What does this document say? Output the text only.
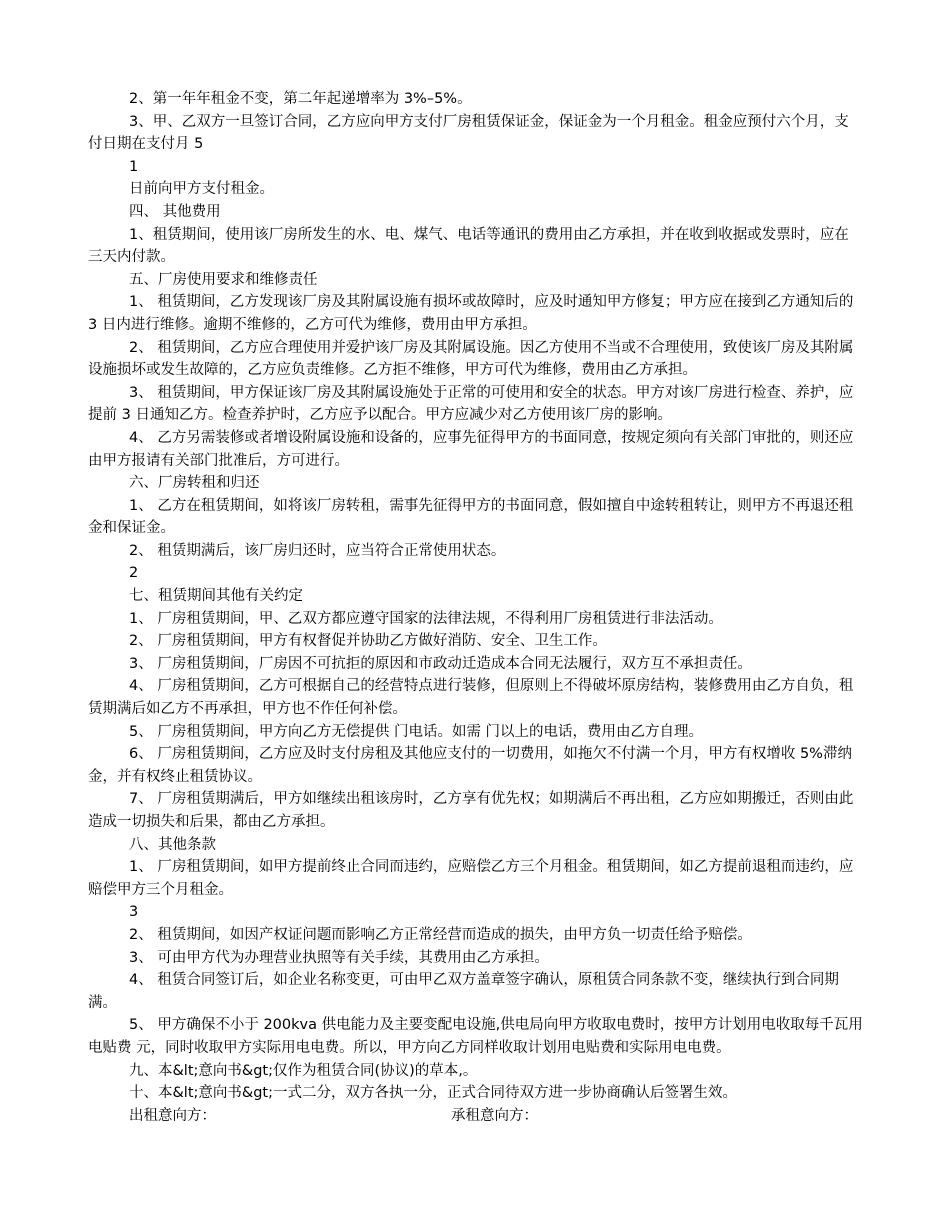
2、第一年年租金不变，第二年起递增率为 3%–5%。

3、甲、乙双方一旦签订合同，乙方应向甲方支付厂房租赁保证金，保证金为一个月租金。租金应预付六个月，支付日期在支付月 5

1

日前向甲方支付租金。

四、 其他费用

1、租赁期间，使用该厂房所发生的水、电、煤气、电话等通讯的费用由乙方承担，并在收到收据或发票时，应在三天内付款。

五、厂房使用要求和维修责任

1、 租赁期间，乙方发现该厂房及其附属设施有损坏或故障时，应及时通知甲方修复；甲方应在接到乙方通知后的 3 日内进行维修。逾期不维修的，乙方可代为维修，费用由甲方承担。

2、 租赁期间，乙方应合理使用并爱护该厂房及其附属设施。因乙方使用不当或不合理使用，致使该厂房及其附属设施损坏或发生故障的，乙方应负责维修。乙方拒不维修，甲方可代为维修，费用由乙方承担。

3、 租赁期间，甲方保证该厂房及其附属设施处于正常的可使用和安全的状态。甲方对该厂房进行检查、养护，应提前 3 日通知乙方。检查养护时，乙方应予以配合。甲方应减少对乙方使用该厂房的影响。

4、 乙方另需装修或者增设附属设施和设备的，应事先征得甲方的书面同意，按规定须向有关部门审批的，则还应由甲方报请有关部门批准后，方可进行。

六、厂房转租和归还

1、 乙方在租赁期间，如将该厂房转租，需事先征得甲方的书面同意，假如擅自中途转租转让，则甲方不再退还租金和保证金。

2、 租赁期满后，该厂房归还时，应当符合正常使用状态。

2

七、租赁期间其他有关约定

1、 厂房租赁期间，甲、乙双方都应遵守国家的法律法规，不得利用厂房租赁进行非法活动。

2、 厂房租赁期间，甲方有权督促并协助乙方做好消防、安全、卫生工作。

3、 厂房租赁期间，厂房因不可抗拒的原因和市政动迁造成本合同无法履行，双方互不承担责任。

4、 厂房租赁期间，乙方可根据自己的经营特点进行装修，但原则上不得破坏原房结构，装修费用由乙方自负，租赁期满后如乙方不再承担，甲方也不作任何补偿。

5、 厂房租赁期间，甲方向乙方无偿提供 门电话。如需 门以上的电话，费用由乙方自理。

6、 厂房租赁期间，乙方应及时支付房租及其他应支付的一切费用，如拖欠不付满一个月，甲方有权增收 5%滞纳金，并有权终止租赁协议。

7、 厂房租赁期满后，甲方如继续出租该房时，乙方享有优先权；如期满后不再出租，乙方应如期搬迁，否则由此造成一切损失和后果，都由乙方承担。

八、其他条款

1、 厂房租赁期间，如甲方提前终止合同而违约，应赔偿乙方三个月租金。租赁期间，如乙方提前退租而违约，应赔偿甲方三个月租金。

3

2、 租赁期间，如因产权证问题而影响乙方正常经营而造成的损失，由甲方负一切责任给予赔偿。

3、 可由甲方代为办理营业执照等有关手续，其费用由乙方承担。

4、 租赁合同签订后，如企业名称变更，可由甲乙双方盖章签字确认，原租赁合同条款不变，继续执行到合同期满。

5、 甲方确保不小于 200kva 供电能力及主要变配电设施,供电局向甲方收取电费时，按甲方计划用电收取每千瓦用电贴费 元，同时收取甲方实际用电电费。所以，甲方向乙方同样收取计划用电贴费和实际用电电费。

九、本&lt;意向书&gt;仅作为租赁合同(协议)的草本,。

十、本&lt;意向书&gt;一式二分，双方各执一分，正式合同待双方进一步协商确认后签署生效。

出租意向方：	承租意向方：
